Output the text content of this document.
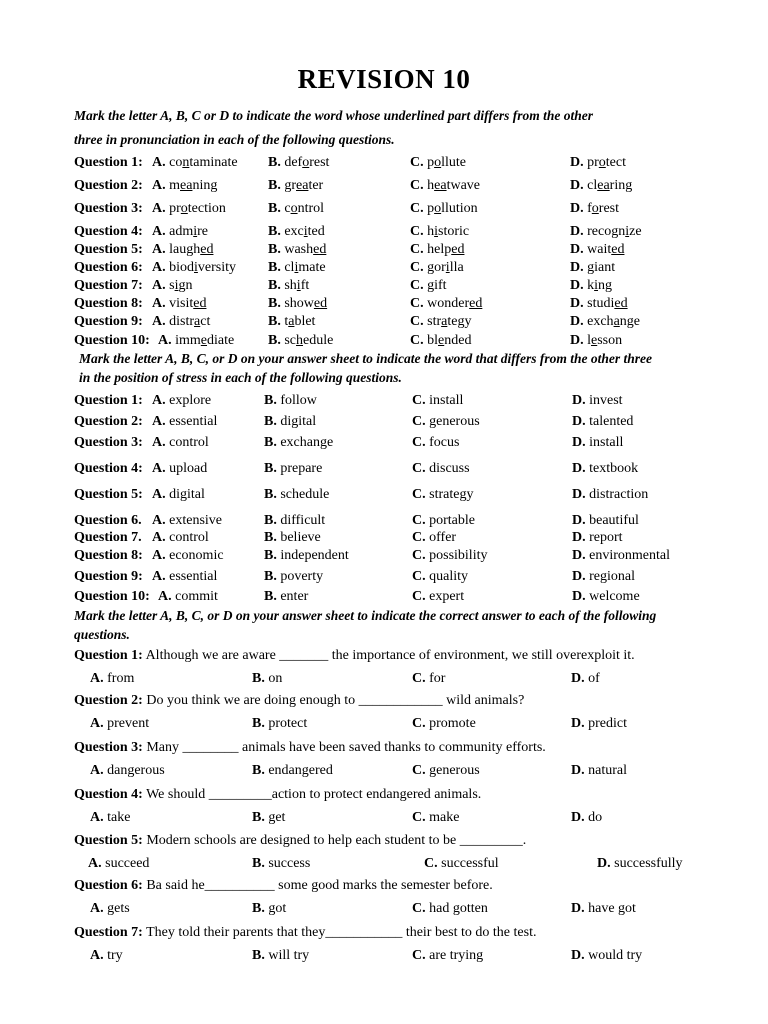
REVISION 10
Mark the letter A, B, C or D to indicate the word whose underlined part differs from the other
three in pronunciation in each of the following questions.
Question 1: A. contaminate B. deforest	C. pollute	D. protect
Question 2: A. meaning	B. greater	C. heatwave	D. clearing
Question 3: A. protection	B. control	C. pollution	D. forest
Question 4: A. admire	B. excited	C. historic	D. recognize
Question 5: A. laughed	B. washed	C. helped	D. waited
Question 6: A. biodiversity B. climate	C. gorilla	D. giant
Question 7: A. sign	B. shift	C. gift	D. king
Question 8: A. visited	B. showed	C. wondered	D. studied
Question 9: A. distract	B. tablet	C. strategy	D. exchange
Question 10: A. immediate B. schedule	C. blended	D. lesson
Mark the letter A, B, C, or D on your answer sheet to indicate the word that differs from the other three
in the position of stress in each of the following questions.
Question 1: A. explore	B. follow	C. install	D. invest
Question 2: A. essential	B. digital	C. generous	D. talented
Question 3: A. control	B. exchange	C. focus	D. install
Question 4: A. upload	B. prepare	C. discuss	D. textbook
Question 5: A. digital	B. schedule	C. strategy	D. distraction
Question 6. A. extensive	B. difficult	C. portable	D. beautiful
Question 7. A. control	B. believe	C. offer	D. report
Question 8: A. economic	B. independent	C. possibility	D. environmental
Question 9: A. essential	B. poverty	C. quality	D. regional
Question 10: A. commit	B. enter	C. expert	D. welcome
Mark the letter A, B, C, or D on your answer sheet to indicate the correct answer to each of the following
questions.
Question 1: Although we are aware _______ the importance of environment, we still overexploit it.
A. from	B. on	C. for	D. of
Question 2: Do you think we are doing enough to ____________ wild animals?
A. prevent	B. protect	C. promote	D. predict
Question 3: Many ________ animals have been saved thanks to community efforts.
A. dangerous	B. endangered	C. generous	D. natural
Question 4: We should _________action to protect endangered animals.
A. take	B. get	C. make	D. do
Question 5: Modern schools are designed to help each student to be _________.
A. succeed	B. success	C. successful	D. successfully
Question 6: Ba said he__________ some good marks the semester before.
A. gets	B. got	C. had gotten	D. have got
Question 7: They told their parents that they___________ their best to do the test.
A. try	B. will try	C. are trying	D. would try
